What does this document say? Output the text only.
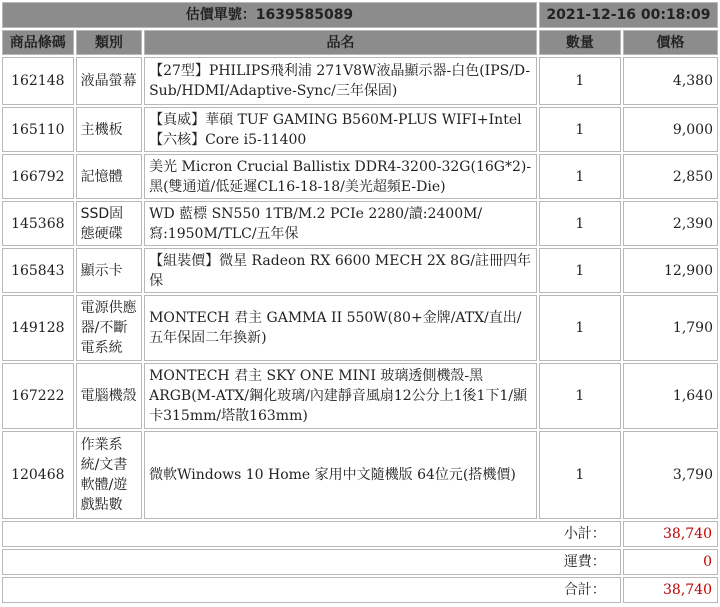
估價單號：1639585089			2021-12-16 00:18:09	
商品條碼	類別	品名	數量	價格
162148	液晶螢幕	【27型】PHILIPS飛利浦 271V8W液晶顯示器-白色(IPS/D-Sub/HDMI/Adaptive-Sync/三年保固)	1	4,380
165110	主機板	【真威】華碩 TUF GAMING B560M-PLUS WIFI+Intel【六核】Core i5-11400	1	9,000
166792	記憶體	美光 Micron Crucial Ballistix DDR4-3200-32G(16G*2)-黑(雙通道/低延遲CL16-18-18/美光超頻E-Die)	1	2,850
145368	SSD固態硬碟	WD 藍標 SN550 1TB/M.2 PCIe 2280/讀:2400M/寫:1950M/TLC/五年保	1	2,390
165843	顯示卡	【組裝價】微星 Radeon RX 6600 MECH 2X 8G/註冊四年保	1	12,900
149128	電源供應器/不斷電系統	MONTECH 君主 GAMMA II 550W(80+金牌/ATX/直出/五年保固二年換新)	1	1,790
167222	電腦機殼	MONTECH 君主 SKY ONE MINI 玻璃透側機殼-黑 ARGB(M-ATX/鋼化玻璃/內建靜音風扇12公分上1後1下1/顯卡315mm/塔散163mm)	1	1,640
120468	作業系統/文書軟體/遊戲點數	微軟Windows 10 Home 家用中文隨機版 64位元(搭機價)	1	3,790
小計：				38,740
運費：				0
合計：				38,740
